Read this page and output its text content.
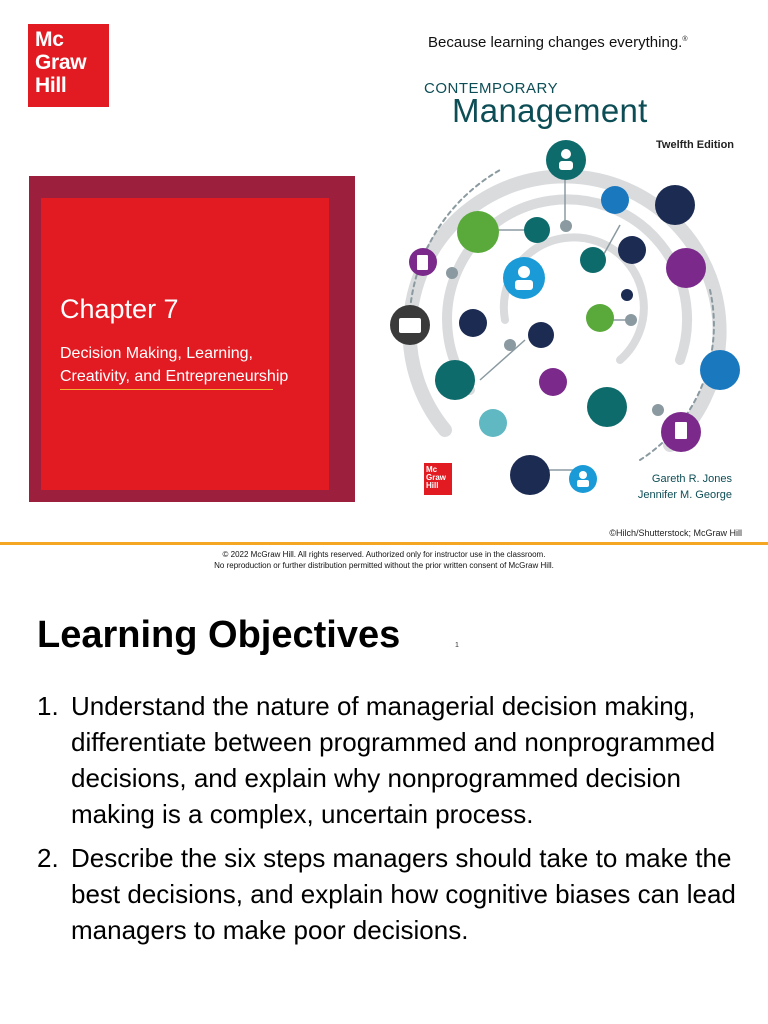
Mc
Graw
Hill
Because learning changes everything.®
Chapter 7
Decision Making, Learning, Creativity, and Entrepreneurship
CONTEMPORARY
Management
Twelfth Edition
Mc
Graw
Hill
Gareth R. Jones
Jennifer M. George
©Hilch/Shutterstock; McGraw Hill
© 2022 McGraw Hill. All rights reserved. Authorized only for instructor use in the classroom.
No reproduction or further distribution permitted without the prior written consent of McGraw Hill.
Learning Objectives	1
1. Understand the nature of managerial decision making, differentiate between programmed and nonprogrammed decisions, and explain why nonprogrammed decision making is a complex, uncertain process.
2. Describe the six steps managers should take to make the best decisions, and explain how cognitive biases can lead managers to make poor decisions.
